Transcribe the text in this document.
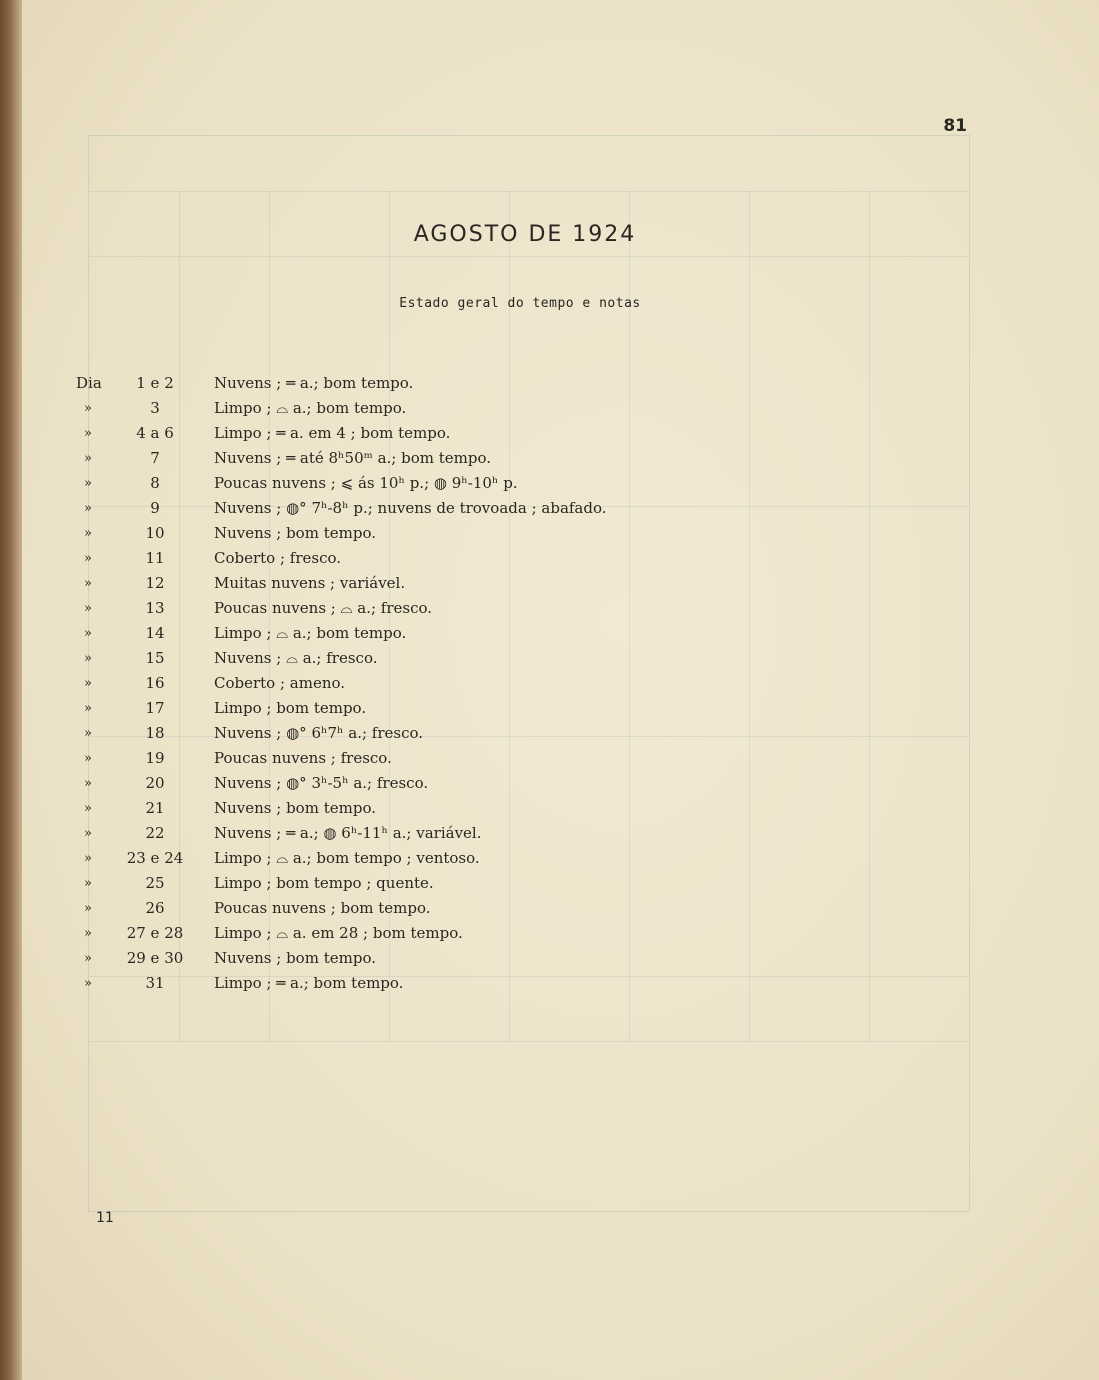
81
AGOSTO DE 1924
Estado geral do tempo e notas
Dia	1 e 2	Nuvens ; ═ a.; bom tempo.
»	3	Limpo ; ⌓ a.; bom tempo.
»	4 a 6	Limpo ; ═ a. em 4 ; bom tempo.
»	7	Nuvens ; ═ até 8ʰ50ᵐ a.; bom tempo.
»	8	Poucas nuvens ; ⩽ ás 10ʰ p.; ◍ 9ʰ-10ʰ p.
»	9	Nuvens ; ◍° 7ʰ-8ʰ p.; nuvens de trovoada ; abafado.
»	10	Nuvens ; bom tempo.
»	11	Coberto ; fresco.
»	12	Muitas nuvens ; variável.
»	13	Poucas nuvens ; ⌓ a.; fresco.
»	14	Limpo ; ⌓ a.; bom tempo.
»	15	Nuvens ; ⌓ a.; fresco.
»	16	Coberto ; ameno.
»	17	Limpo ; bom tempo.
»	18	Nuvens ; ◍° 6ʰ7ʰ a.; fresco.
»	19	Poucas nuvens ; fresco.
»	20	Nuvens ; ◍° 3ʰ-5ʰ a.; fresco.
»	21	Nuvens ; bom tempo.
»	22	Nuvens ; ═ a.; ◍ 6ʰ-11ʰ a.; variável.
»	23 e 24	Limpo ; ⌓ a.; bom tempo ; ventoso.
»	25	Limpo ; bom tempo ; quente.
»	26	Poucas nuvens ; bom tempo.
»	27 e 28	Limpo ; ⌓ a. em 28 ; bom tempo.
»	29 e 30	Nuvens ; bom tempo.
»	31	Limpo ; ═ a.; bom tempo.
11
